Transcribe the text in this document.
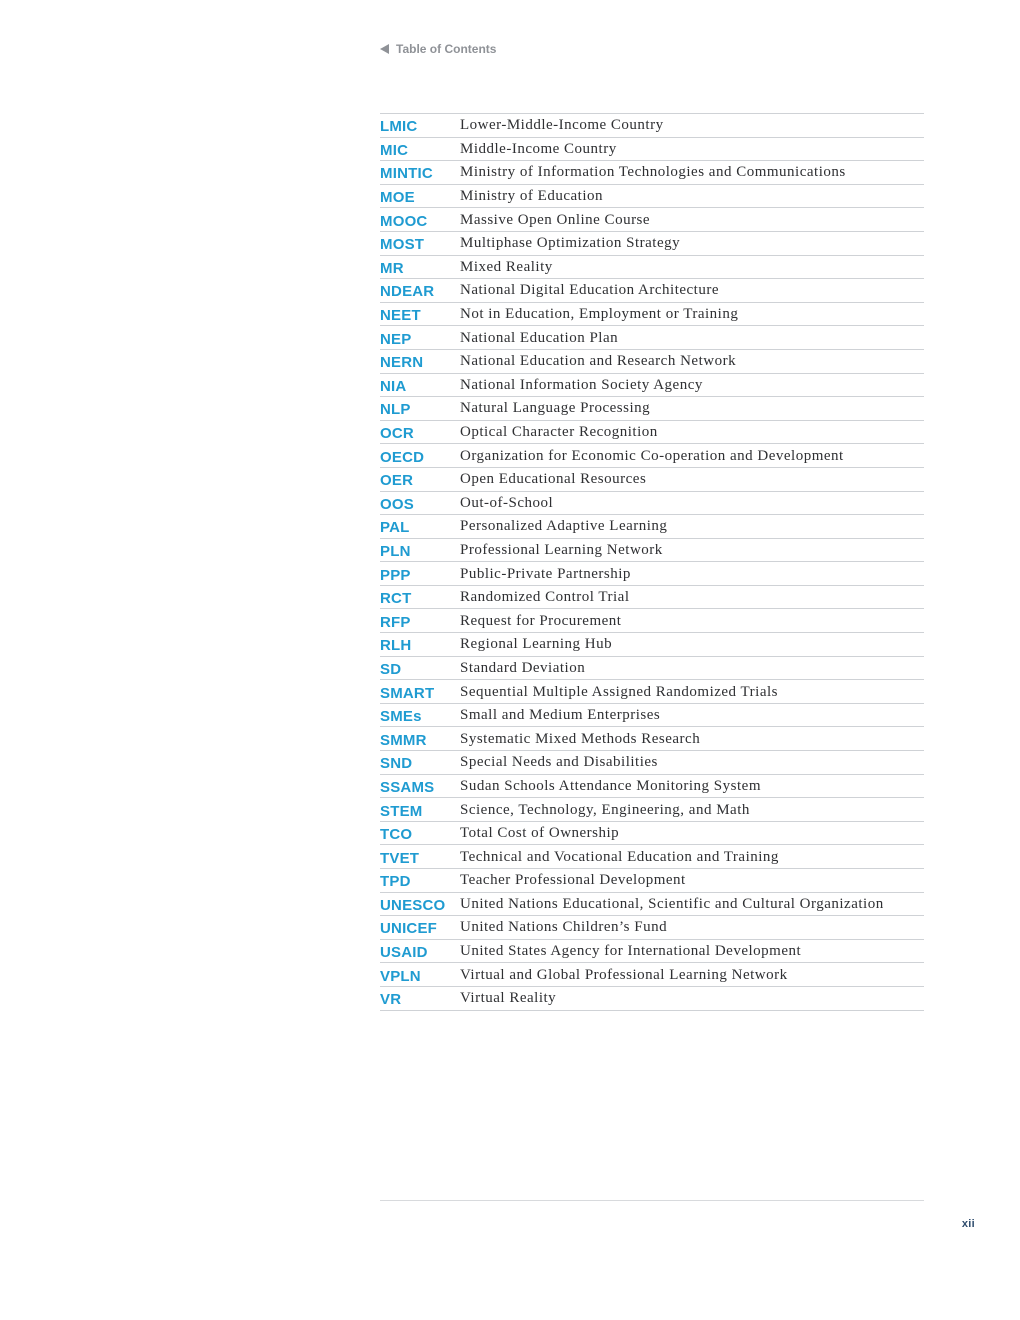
Table of Contents
LMIC	Lower-Middle-Income Country
MIC	Middle-Income Country
MINTIC	Ministry of Information Technologies and Communications
MOE	Ministry of Education
MOOC	Massive Open Online Course
MOST	Multiphase Optimization Strategy
MR	Mixed Reality
NDEAR	National Digital Education Architecture
NEET	Not in Education, Employment or Training
NEP	National Education Plan
NERN	National Education and Research Network
NIA	National Information Society Agency
NLP	Natural Language Processing
OCR	Optical Character Recognition
OECD	Organization for Economic Co-operation and Development
OER	Open Educational Resources
OOS	Out-of-School
PAL	Personalized Adaptive Learning
PLN	Professional Learning Network
PPP	Public-Private Partnership
RCT	Randomized Control Trial
RFP	Request for Procurement
RLH	Regional Learning Hub
SD	Standard Deviation
SMART	Sequential Multiple Assigned Randomized Trials
SMEs	Small and Medium Enterprises
SMMR	Systematic Mixed Methods Research
SND	Special Needs and Disabilities
SSAMS	Sudan Schools Attendance Monitoring System
STEM	Science, Technology, Engineering, and Math
TCO	Total Cost of Ownership
TVET	Technical and Vocational Education and Training
TPD	Teacher Professional Development
UNESCO United Nations Educational, Scientific and Cultural Organization
UNICEF	United Nations Children’s Fund
USAID	United States Agency for International Development
VPLN	Virtual and Global Professional Learning Network
VR	Virtual Reality
xii
